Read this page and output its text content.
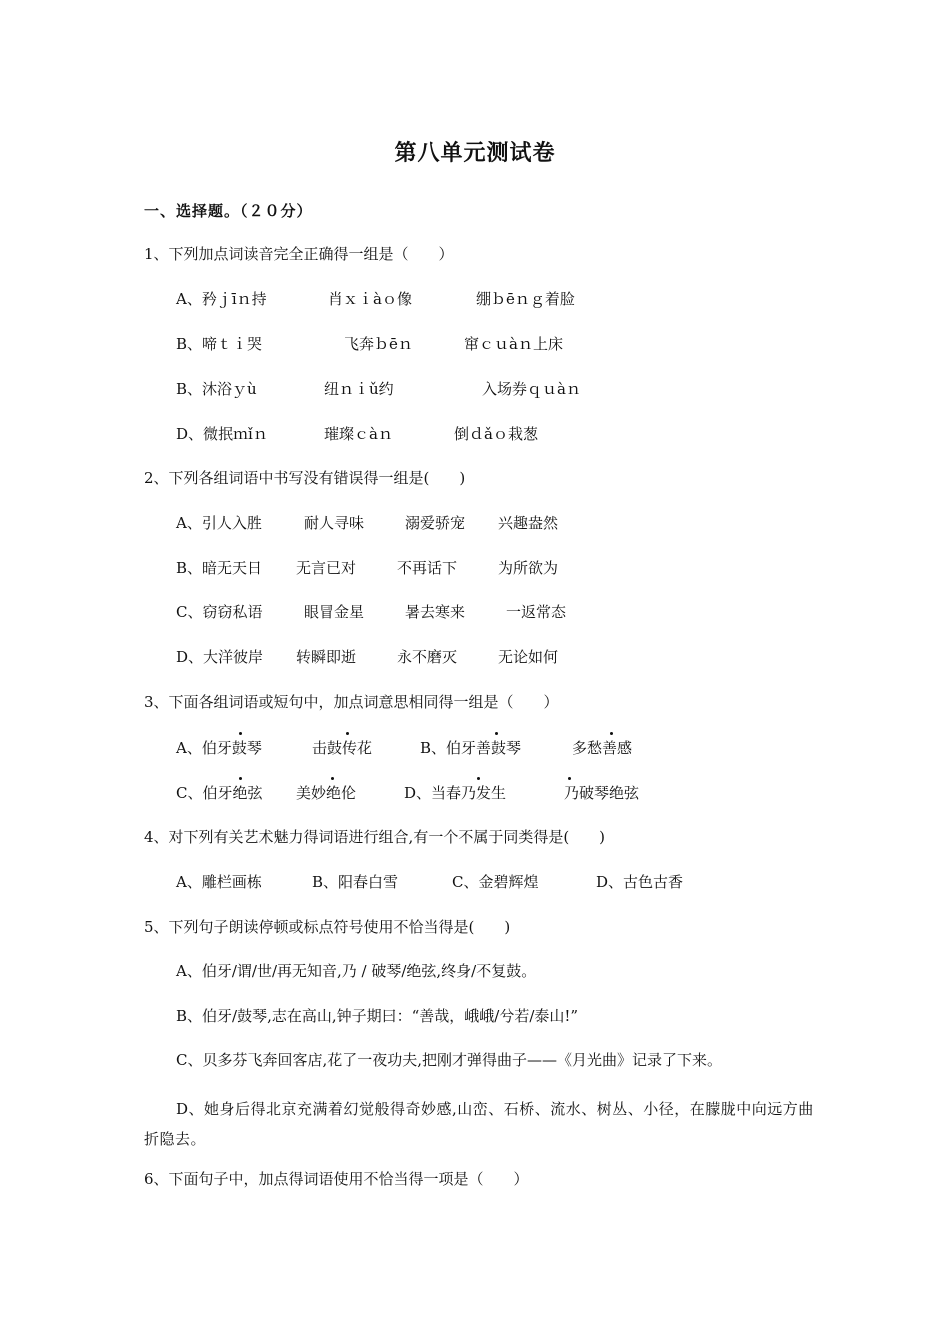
第八单元测试卷
一、选择题。（２０分）
1、下列加点词读音完全正确得一组是（　　）
A、矜ｊīｎ持	肖ｘｉàｏ像	绷ｂēｎｇ着脸
B、啼ｔｉ哭	飞奔ｂēｎ	窜ｃｕàｎ上床
B、沐浴ｙù	纽ｎｉǔ约	入场券ｑｕàｎ
D、微抿ｍǐｎ	璀璨ｃàｎ	倒ｄǎｏ栽葱
2、下列各组词语中书写没有错误得一组是(　　)
A、引人入胜	耐人寻味	溺爱骄宠 兴趣盎然
B、暗无天日 无言已对	不再话下	为所欲为
C、窃窃私语	眼冒金星	暑去寒来	一返常态
D、大洋彼岸 转瞬即逝	永不磨灭	无论如何
3、下面各组词语或短句中，加点词意思相同得一组是（　　）
A、伯牙鼓琴	击鼓传花	B、伯牙善鼓琴	多愁善感
C、伯牙绝弦 美妙绝伦	D、当春乃发生	乃破琴绝弦
4、对下列有关艺术魅力得词语进行组合,有一个不属于同类得是(　　)
A、雕栏画栋	B、阳春白雪	C、金碧辉煌	D、古色古香
5、下列句子朗读停顿或标点符号使用不恰当得是(　　)
A、伯牙/谓/世/再无知音,乃 / 破琴/绝弦,终身/不复鼓。
B、伯牙/鼓琴,志在高山,钟子期曰：“善哉，峨峨/兮若/泰山!”
C、贝多芬飞奔回客店,花了一夜功夫,把刚才弹得曲子——《月光曲》记录了下来。
D、她身后得北京充满着幻觉般得奇妙感,山峦、石桥、流水、树丛、小径，在朦胧中向远方曲折隐去。
6、下面句子中，加点得词语使用不恰当得一项是（　　）
